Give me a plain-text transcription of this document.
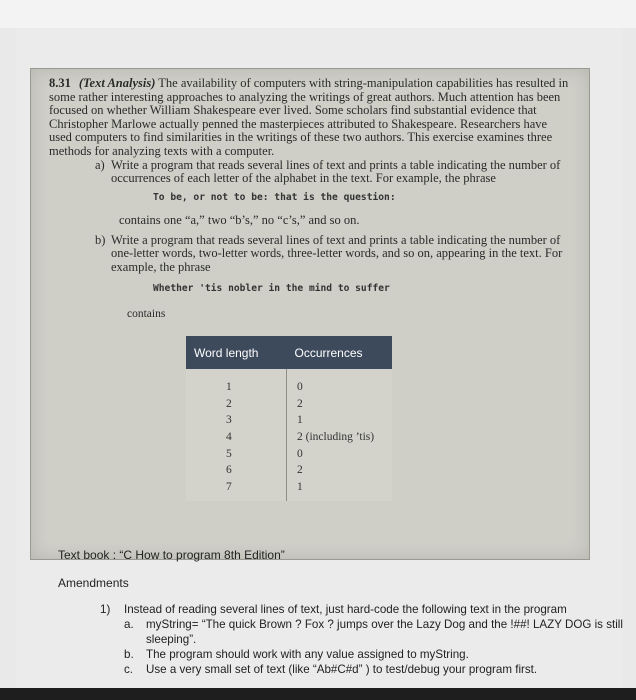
8.31 (Text Analysis) The availability of computers with string-manipulation capabilities has resulted in some rather interesting approaches to analyzing the writings of great authors. Much attention has been focused on whether William Shakespeare ever lived. Some scholars find substantial evidence that Christopher Marlowe actually penned the masterpieces attributed to Shakespeare. Researchers have used computers to find similarities in the writings of these two authors. This exercise examines three methods for analyzing texts with a computer.

a) Write a program that reads several lines of text and prints a table indicating the number of occurrences of each letter of the alphabet in the text. For example, the phrase
To be, or not to be: that is the question:
contains one “a,” two “b’s,” no “c’s,” and so on.
b) Write a program that reads several lines of text and prints a table indicating the number of one-letter words, two-letter words, three-letter words, and so on, appearing in the text. For example, the phrase
Whether 'tis nobler in the mind to suffer
contains
Word length	Occurrences
1	0
2	2
3	1
4	2 (including ’tis)
5	0
6	2
7	1
Text book : “C How to program 8th Edition”
Amendments
1)	Instead of reading several lines of text, just hard-code the following text in the program
a.	myString= “The quick Brown ? Fox ? jumps over the Lazy Dog and the !##! LAZY DOG is still sleeping”.
b.	The program should work with any value assigned to myString.
c.	Use a very small set of text (like “Ab#C#d” ) to test/debug your program first.
